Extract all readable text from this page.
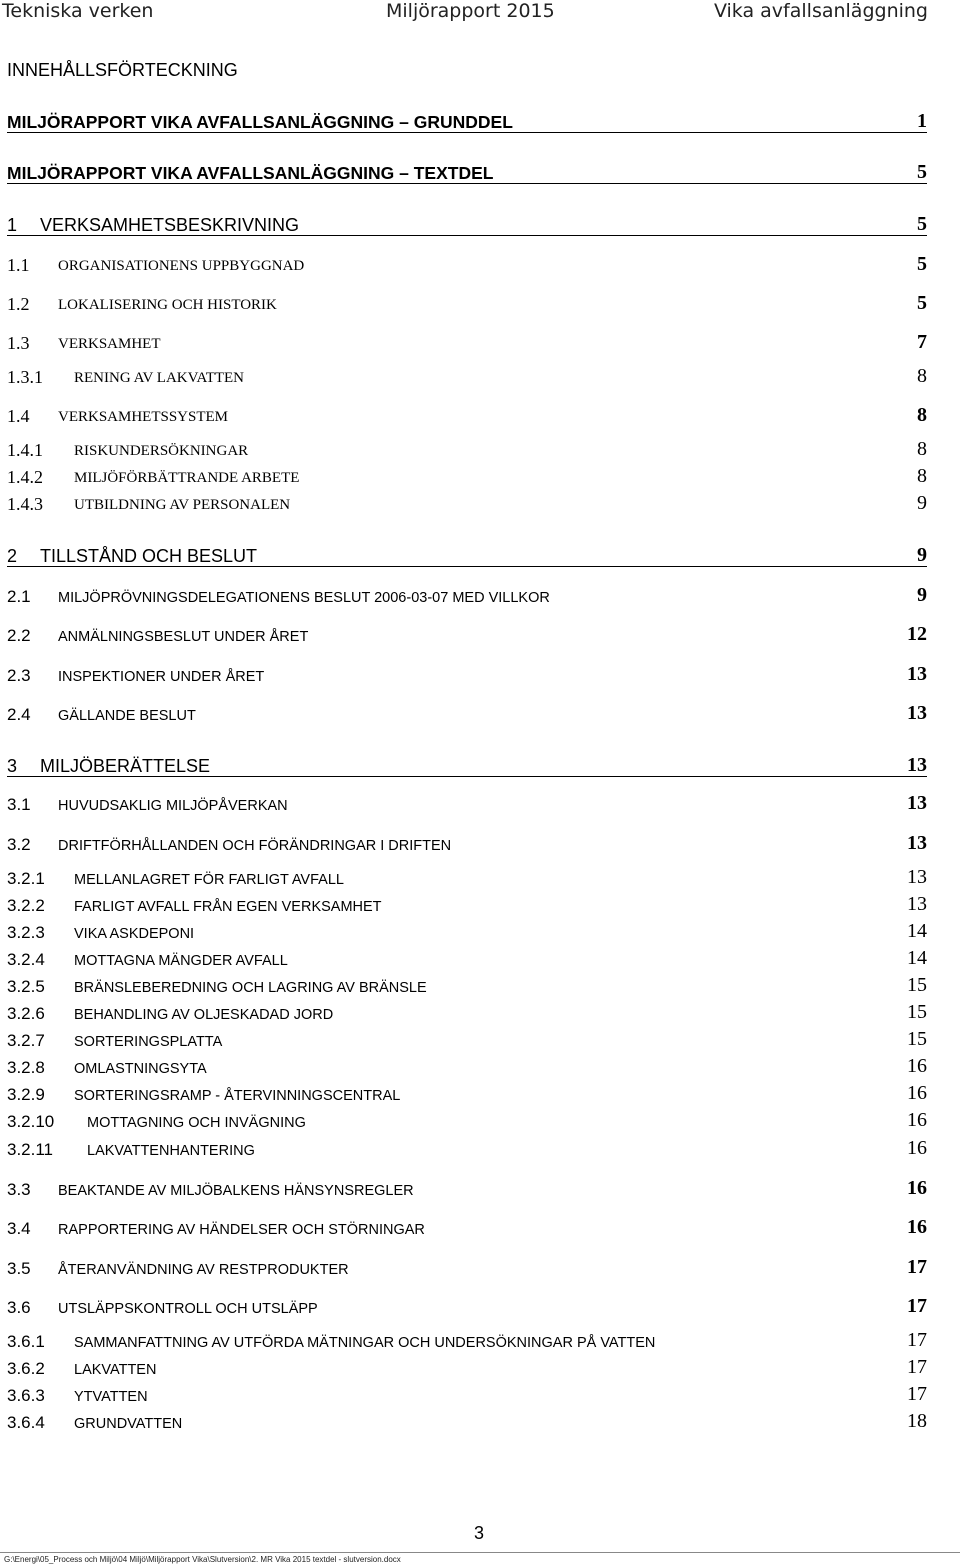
Tekniska verken	Miljörapport 2015	Vika avfallsanläggning
INNEHÅLLSFÖRTECKNING
MILJÖRAPPORT VIKA AVFALLSANLÄGGNING – GRUNDDEL	1
MILJÖRAPPORT VIKA AVFALLSANLÄGGNING – TEXTDEL	5
1 VERKSAMHETSBESKRIVNING	5
1.1 ORGANISATIONENS UPPBYGGNAD	5
1.2 LOKALISERING OCH HISTORIK	5
1.3 VERKSAMHET	7
1.3.1 RENING AV LAKVATTEN	8
1.4 VERKSAMHETSSYSTEM	8
1.4.1 RISKUNDERSÖKNINGAR	8
1.4.2 MILJÖFÖRBÄTTRANDE ARBETE	8
1.4.3 UTBILDNING AV PERSONALEN	9
2 TILLSTÅND OCH BESLUT	9
2.1 MILJÖPRÖVNINGSDELEGATIONENS BESLUT 2006-03-07 MED VILLKOR	9
2.2 ANMÄLNINGSBESLUT UNDER ÅRET	12
2.3 INSPEKTIONER UNDER ÅRET	13
2.4 GÄLLANDE BESLUT	13
3 MILJÖBERÄTTELSE	13
3.1 HUVUDSAKLIG MILJÖPÅVERKAN	13
3.2 DRIFTFÖRHÅLLANDEN OCH FÖRÄNDRINGAR I DRIFTEN	13
3.2.1 MELLANLAGRET FÖR FARLIGT AVFALL	13
3.2.2 FARLIGT AVFALL FRÅN EGEN VERKSAMHET	13
3.2.3 VIKA ASKDEPONI	14
3.2.4 MOTTAGNA MÄNGDER AVFALL	14
3.2.5 BRÄNSLEBEREDNING OCH LAGRING AV BRÄNSLE	15
3.2.6 BEHANDLING AV OLJESKADAD JORD	15
3.2.7 SORTERINGSPLATTA	15
3.2.8 OMLASTNINGSYTA	16
3.2.9 SORTERINGSRAMP - ÅTERVINNINGSCENTRAL	16
3.2.10 MOTTAGNING OCH INVÄGNING	16
3.2.11 LAKVATTENHANTERING	16
3.3 BEAKTANDE AV MILJÖBALKENS HÄNSYNSREGLER	16
3.4 RAPPORTERING AV HÄNDELSER OCH STÖRNINGAR	16
3.5 ÅTERANVÄNDNING AV RESTPRODUKTER	17
3.6 UTSLÄPPSKONTROLL OCH UTSLÄPP	17
3.6.1 SAMMANFATTNING AV UTFÖRDA MÄTNINGAR OCH UNDERSÖKNINGAR PÅ VATTEN	17
3.6.2 LAKVATTEN	17
3.6.3 YTVATTEN	17
3.6.4 GRUNDVATTEN	18
3
G:\Energi\05_Process och Miljö\04 Miljö\Miljörapport Vika\Slutversion\2. MR Vika 2015 textdel - slutversion.docx
